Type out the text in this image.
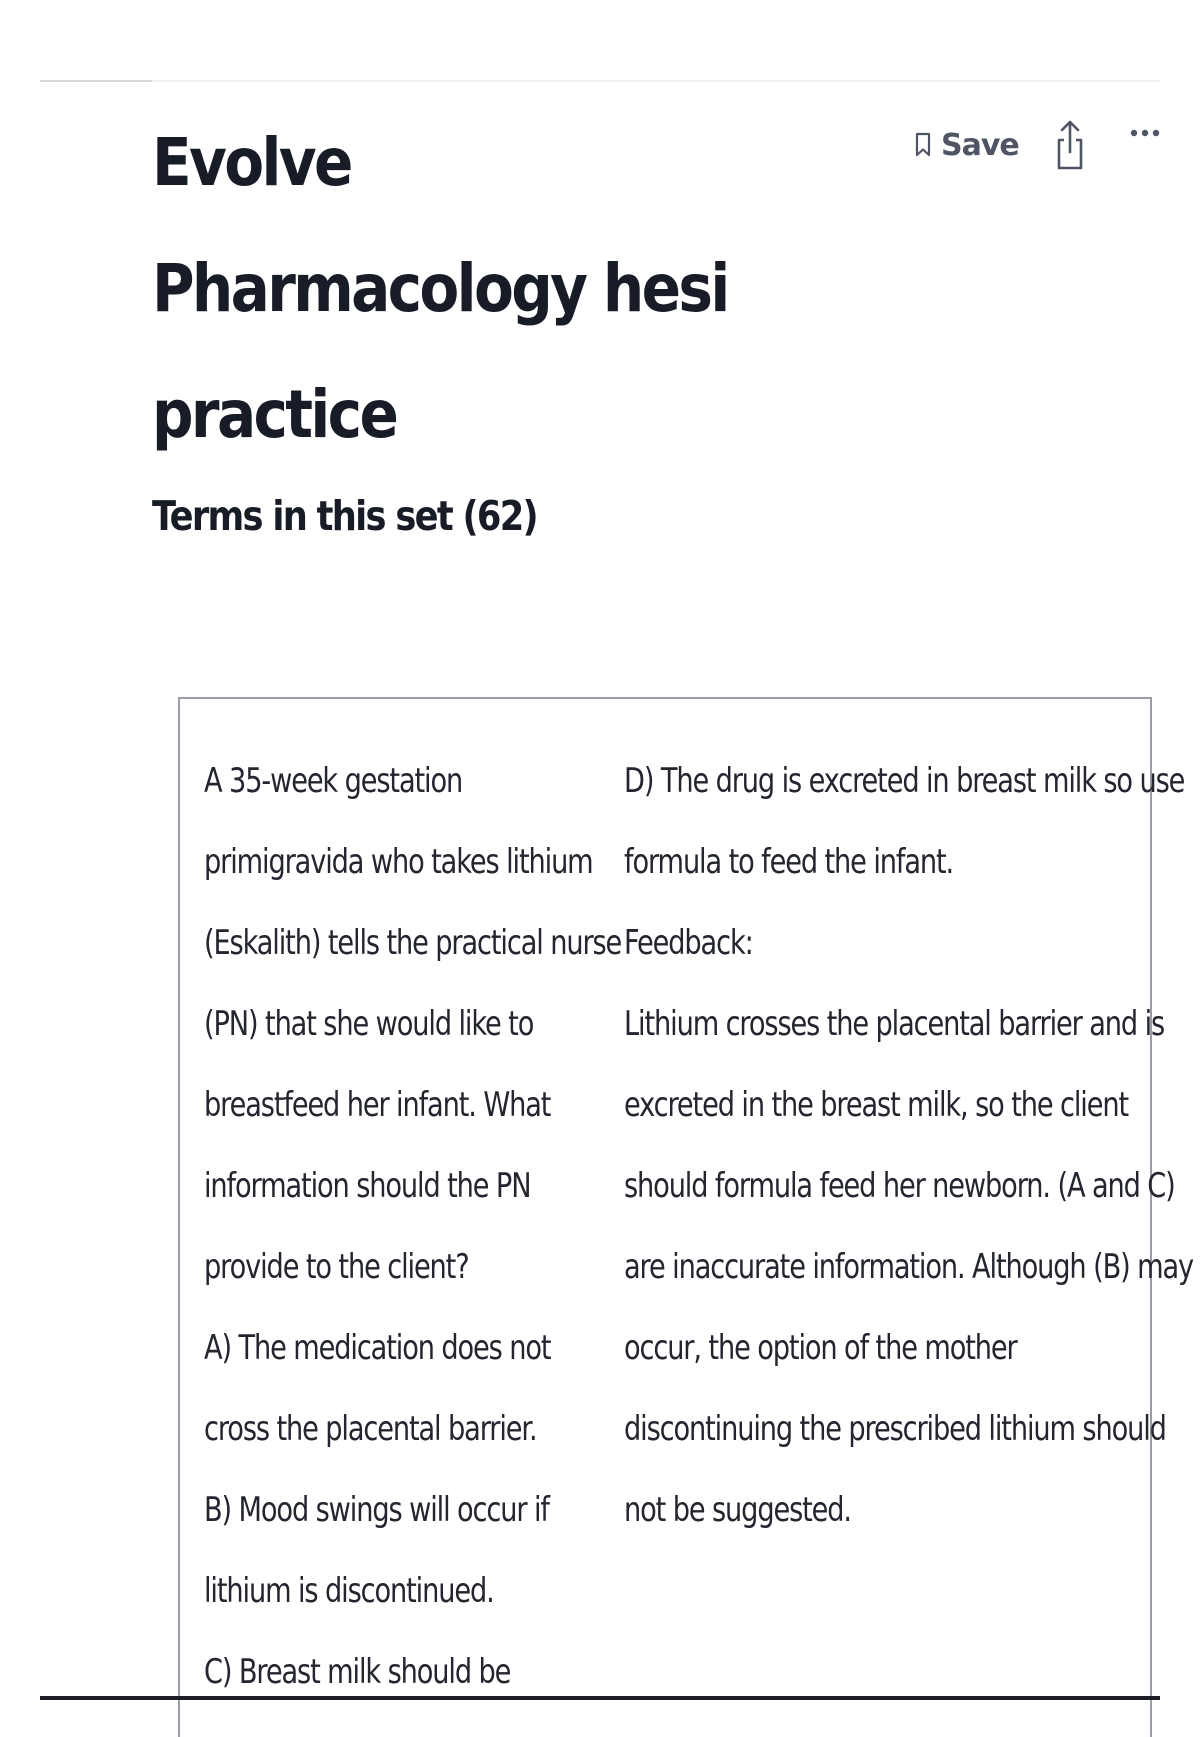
Evolve Pharmacology hesi practice
Save
Terms in this set (62)

A 35-week gestation
primigravida who takes lithium
(Eskalith) tells the practical nurse
(PN) that she would like to
breastfeed her infant. What
information should the PN
provide to the client?
A) The medication does not
cross the placental barrier.
B) Mood swings will occur if
lithium is discontinued.
C) Breast milk should be

D) The drug is excreted in breast milk so use
formula to feed the infant.
Feedback:
Lithium crosses the placental barrier and is
excreted in the breast milk, so the client
should formula feed her newborn. (A and C)
are inaccurate information. Although (B) may
occur, the option of the mother
discontinuing the prescribed lithium should
not be suggested.
